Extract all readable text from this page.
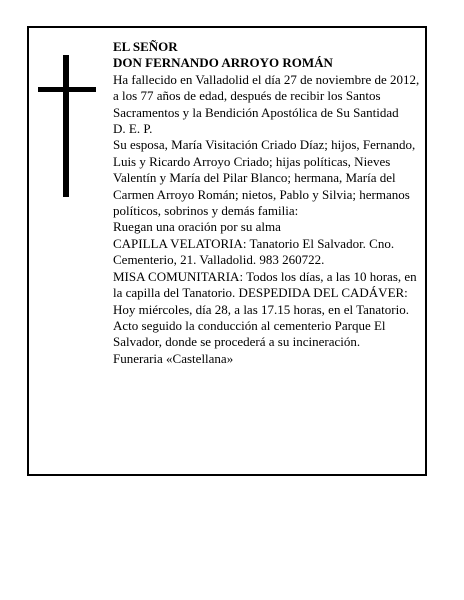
EL SEÑOR

DON FERNANDO ARROYO ROMÁN

Ha fallecido en Valladolid el día 27 de noviembre de 2012, a los 77 años de edad, después de recibir los Santos Sacramentos y la Bendición Apostólica de Su Santidad

D. E. P.

Su esposa, María Visitación Criado Díaz; hijos, Fernando, Luis y Ricardo Arroyo Criado; hijas políticas, Nieves Valentín y María del Pilar Blanco; hermana, María del Carmen Arroyo Román; nietos, Pablo y Silvia; hermanos políticos, sobrinos y demás familia:

Ruegan una oración por su alma

CAPILLA VELATORIA: Tanatorio El Salvador. Cno. Cementerio, 21. Valladolid. 983 260722.

MISA COMUNITARIA: Todos los días, a las 10 horas, en la capilla del Tanatorio. DESPEDIDA DEL CADÁVER: Hoy miércoles, día 28, a las 17.15 horas, en el Tanatorio. Acto seguido la conducción al cementerio Parque El Salvador, donde se procederá a su incineración.

Funeraria «Castellana»
